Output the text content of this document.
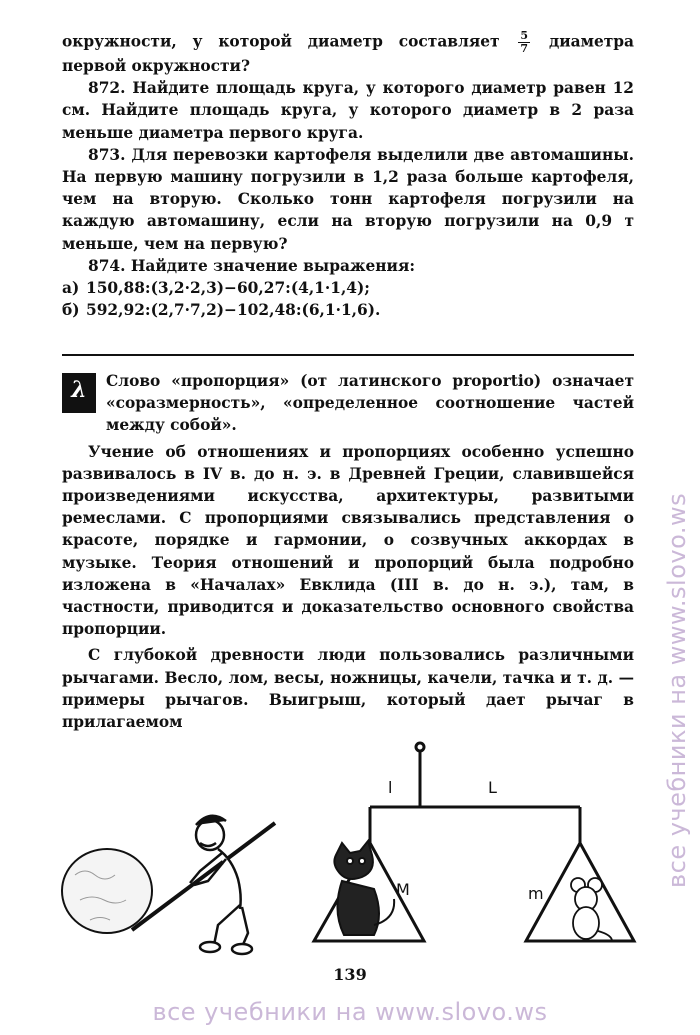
окружности, у которой диаметр составляет $\frac{5}{7}$ диаметра первой окружности?

872. Найдите площадь круга, у которого диаметр равен 12 см. Найдите площадь круга, у которого диаметр в 2 раза меньше диаметра первого круга.

873. Для перевозки картофеля выделили две автомашины. На первую машину погрузили в 1,2 раза больше картофеля, чем на вторую. Сколько тонн картофеля погрузили на каждую автомашину, если на вторую погрузили на 0,9 т меньше, чем на первую?

874. Найдите значение выражения:

а) 150,88:(3,2·2,3)−60,27:(4,1·1,4);
б) 592,92:(2,7·7,2)−102,48:(6,1·1,6).
λ	Слово «пропорция» (от латинского proportio) означает «соразмерность», «определенное соотношение частей между собой».

Учение об отношениях и пропорциях особенно успешно развивалось в IV в. до н. э. в Древней Греции, славившейся произведениями искусства, архитектуры, развитыми ремеслами. С пропорциями связывались представления о красоте, порядке и гармонии, о созвучных аккордах в музыке. Теория отношений и пропорций была подробно изложена в «Началах» Евклида (III в. до н. э.), там, в частности, приводится и доказательство основного свойства пропорции.

С глубокой древности люди пользовались различными рычагами. Весло, лом, весы, ножницы, качели, тачка и т. д. — примеры рычагов. Выигрыш, который дает рычаг в прилагаемом

l	L
M	m
139
все учебники на www.slovo.ws
все учебники на www.slovo.ws
